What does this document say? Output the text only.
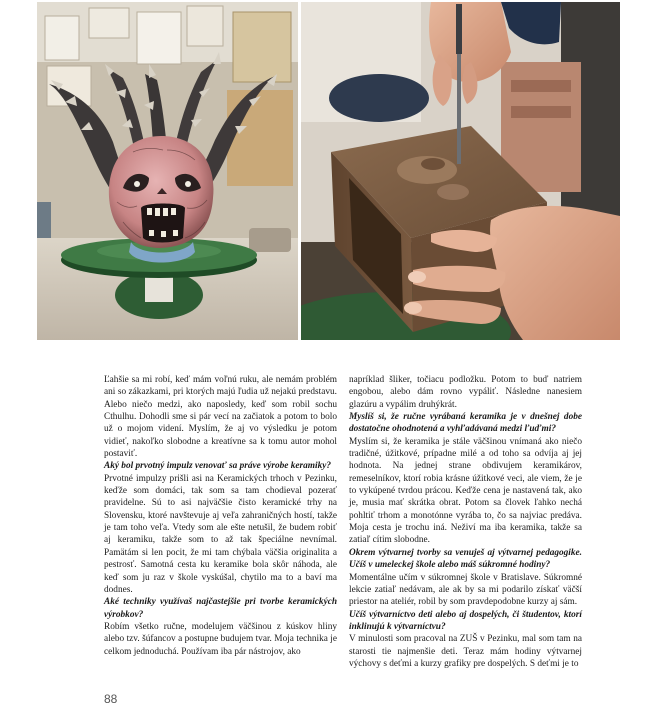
Ľahšie sa mi robí, keď mám voľnú ruku, ale nemám problém ani so zákazkami, pri ktorých majú ľudia už nejakú predstavu. Alebo niečo medzi, ako naposledy, keď som robil sochu Cthulhu. Dohodli sme si pár vecí na začiatok a potom to bolo už o mojom videní. Myslím, že aj vo výsledku je potom vidieť, nakoľko slobodne a kreatívne sa k tomu autor mohol postaviť.

Aký bol prvotný impulz venovať sa práve výrobe keramiky?

Prvotné impulzy prišli asi na Keramických trhoch v Pezinku, keďže som domáci, tak som sa tam chodieval pozerať pravidelne. Sú to asi najväčšie čisto keramické trhy na Slovensku, ktoré navštevuje aj veľa zahraničných hostí, takže je tam toho veľa. Vtedy som ale ešte netušil, že budem robiť aj keramiku, takže som to až tak špeciálne nevnímal. Pamätám si len pocit, že mi tam chýbala väčšia originalita a pestrosť. Samotná cesta ku keramike bola skôr náhoda, ale keď som ju raz v škole vyskúšal, chytilo ma to a baví ma dodnes.

Aké techniky využívaš najčastejšie pri tvorbe keramických výrobkov?

Robím všetko ručne, modelujem väčšinou z kúskov hliny alebo tzv. šúfancov a postupne budujem tvar. Moja technika je celkom jednoduchá. Používam iba pár nástrojov, ako

napríklad šliker, točiacu podložku. Potom to buď natriem engobou, alebo dám rovno vypáliť. Následne nanesiem glazúru a vypálim druhýkrát.

Myslíš si, že ručne vyrábaná keramika je v dnešnej dobe dostatočne ohodnotená a vyhľadávaná medzi ľuďmi?

Myslím si, že keramika je stále väčšinou vnímaná ako niečo tradičné, úžitkové, prípadne milé a od toho sa odvíja aj jej hodnota. Na jednej strane obdivujem keramikárov, remeselníkov, ktorí robia krásne úžitkové veci, ale viem, že je to vykúpené tvrdou prácou. Keďže cena je nastavená tak, ako je, musia mať skrátka obrat. Potom sa človek ľahko nechá pohltiť trhom a monotónne vyrába to, čo sa najviac predáva. Moja cesta je trochu iná. Neživí ma iba keramika, takže sa zatiaľ cítim slobodne.

Okrem výtvarnej tvorby sa venuješ aj výtvarnej pedagogike. Učíš v umeleckej škole alebo máš súkromné hodiny?

Momentálne učím v súkromnej škole v Bratislave. Súkromné lekcie zatiaľ nedávam, ale ak by sa mi podarilo získať väčší priestor na ateliér, robil by som pravdepodobne kurzy aj sám.

Učíš výtvarníctvo deti alebo aj dospelých, či študentov, ktorí inklinujú k výtvarníctvu?

V minulosti som pracoval na ZUŠ v Pezinku, mal som tam na starosti tie najmenšie deti. Teraz mám hodiny výtvarnej výchovy s deťmi a kurzy grafiky pre dospelých. S deťmi je to

88
